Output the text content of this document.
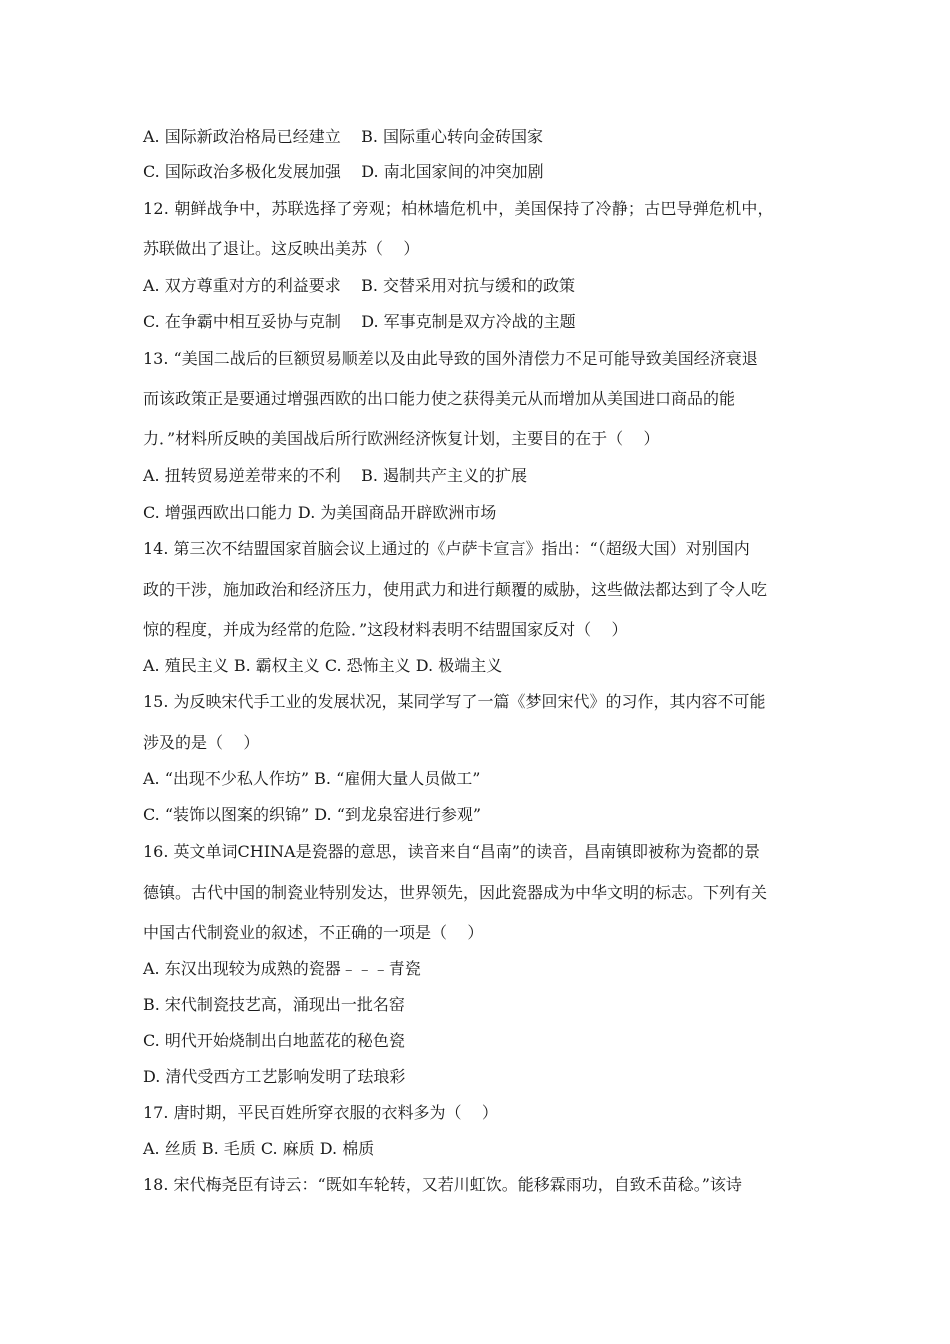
A. 国际新政治格局已经建立    B. 国际重心转向金砖国家
C. 国际政治多极化发展加强    D. 南北国家间的冲突加剧
12. 朝鲜战争中，苏联选择了旁观；柏林墙危机中，美国保持了冷静；古巴导弹危机中，
苏联做出了退让。这反映出美苏（    ）
A. 双方尊重对方的利益要求    B. 交替采用对抗与缓和的政策
C. 在争霸中相互妥协与克制    D. 军事克制是双方冷战的主题
13. “美国二战后的巨额贸易顺差以及由此导致的国外清偿力不足可能导致美国经济衰退
而该政策正是要通过增强西欧的出口能力使之获得美元从而增加从美国进口商品的能
力．”材料所反映的美国战后所行欧洲经济恢复计划，主要目的在于（    ）
A. 扭转贸易逆差带来的不利    B. 遏制共产主义的扩展
C. 增强西欧出口能力 D. 为美国商品开辟欧洲市场
14. 第三次不结盟国家首脑会议上通过的《卢萨卡宣言》指出：“（超级大国）对别国内
政的干涉，施加政治和经济压力，使用武力和进行颠覆的威胁，这些做法都达到了令人吃
惊的程度，并成为经常的危险．”这段材料表明不结盟国家反对（    ）
A. 殖民主义 B. 霸权主义 C. 恐怖主义 D. 极端主义
15. 为反映宋代手工业的发展状况，某同学写了一篇《梦回宋代》的习作，其内容不可能
涉及的是（    ）
A. “出现不少私人作坊” B. “雇佣大量人员做工”
C. “装饰以图案的织锦” D. “到龙泉窑进行参观”
16. 英文单词CHINA是瓷器的意思，读音来自“昌南”的读音，昌南镇即被称为瓷都的景
德镇。古代中国的制瓷业特别发达，世界领先，因此瓷器成为中华文明的标志。下列有关
中国古代制瓷业的叙述，不正确的一项是（    ）
A. 东汉出现较为成熟的瓷器﹣﹣﹣青瓷
B. 宋代制瓷技艺高，涌现出一批名窑
C. 明代开始烧制出白地蓝花的秘色瓷
D. 清代受西方工艺影响发明了珐琅彩
17. 唐时期，平民百姓所穿衣服的衣料多为（    ）
A. 丝质 B. 毛质 C. 麻质 D. 棉质
18. 宋代梅尧臣有诗云：“既如车轮转，又若川虹饮。能移霖雨功，自致禾苗稔。”该诗
